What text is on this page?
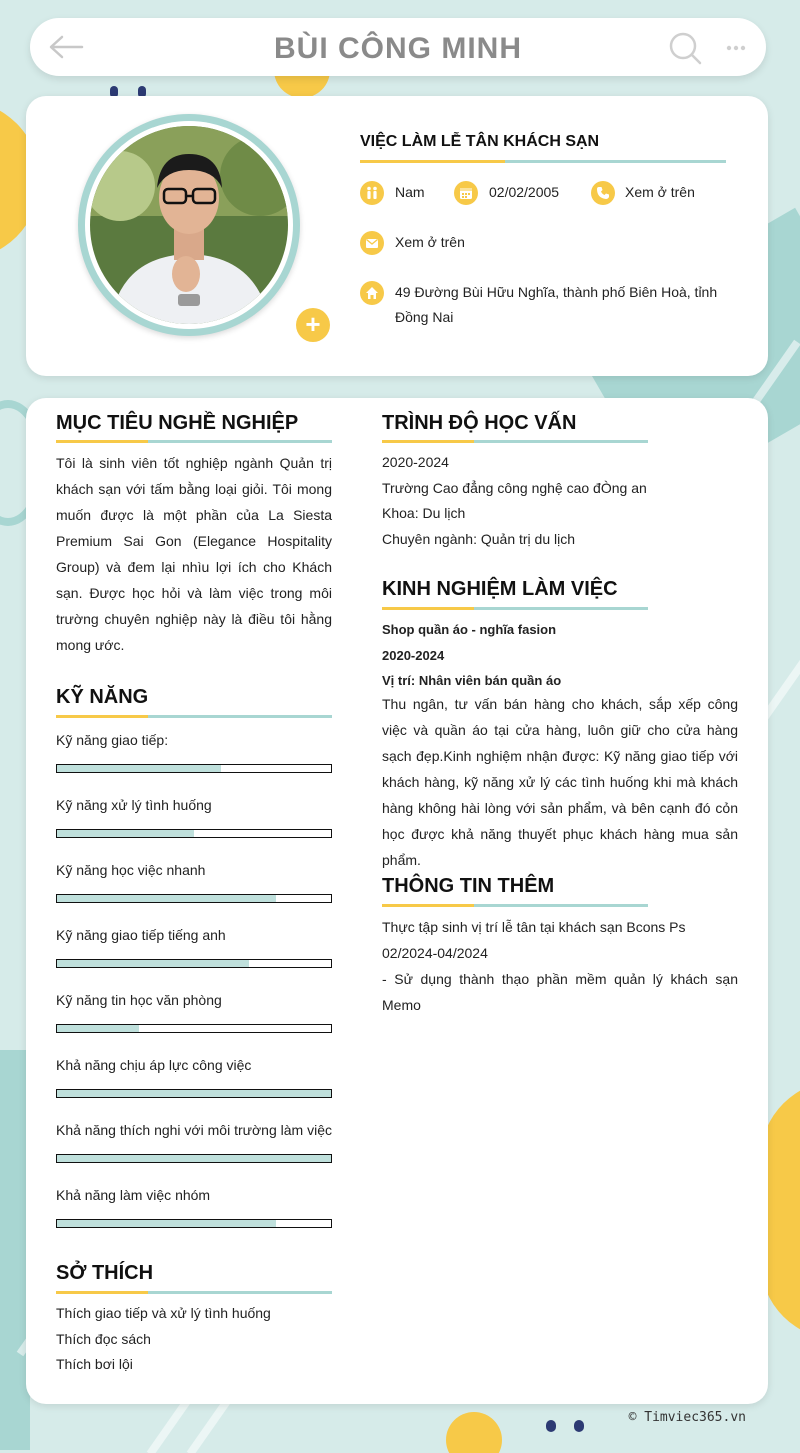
BÙI CÔNG MINH
+
VIỆC LÀM LỄ TÂN KHÁCH SẠN
Nam	02/02/2005	Xem ở trên
Xem ở trên
49 Đường Bùi Hữu Nghĩa, thành phố Biên Hoà, tỉnh Đồng Nai
MỤC TIÊU NGHỀ NGHIỆP
Tôi là sinh viên tốt nghiệp ngành Quản trị khách sạn với tấm bằng loại giỏi. Tôi mong muốn được là một phần của La Siesta Premium Sai Gon (Elegance Hospitality Group) và đem lại nhìu lợi ích cho Khách sạn. Được học hỏi và làm việc trong môi trường chuyên nghiệp này là điều tôi hằng mong ước.
KỸ NĂNG
Kỹ năng giao tiếp:
Kỹ năng xử lý tình huống
Kỹ năng học việc nhanh
Kỹ năng giao tiếp tiếng anh
Kỹ năng tin học văn phòng
Khả năng chịu áp lực công việc
Khả năng thích nghi với môi trường làm việc
Khả năng làm việc nhóm
SỞ THÍCH
Thích giao tiếp và xử lý tình huống
Thích đọc sách
Thích bơi lội
TRÌNH ĐỘ HỌC VẤN
2020-2024
Trường Cao đẳng công nghệ cao đÒng an
Khoa: Du lịch
Chuyên ngành: Quản trị du lịch
KINH NGHIỆM LÀM VIỆC
Shop quần áo - nghĩa fasion
2020-2024
Vị trí: Nhân viên bán quần áo
Thu ngân, tư vấn bán hàng cho khách, sắp xếp công việc và quần áo tại cửa hàng, luôn giữ cho cửa hàng sạch đẹp.Kinh nghiệm nhận được: Kỹ năng giao tiếp với khách hàng, kỹ năng xử lý các tình huống khi mà khách hàng không hài lòng với sản phẩm, và bên cạnh đó cỏn học được khả năng thuyết phục khách hàng mua sản phẩm.
THÔNG TIN THÊM
Thực tập sinh vị trí lễ tân tại khách sạn Bcons Ps
02/2024-04/2024
- Sử dụng thành thạo phần mềm quản lý khách sạn Memo
© Timviec365.vn
